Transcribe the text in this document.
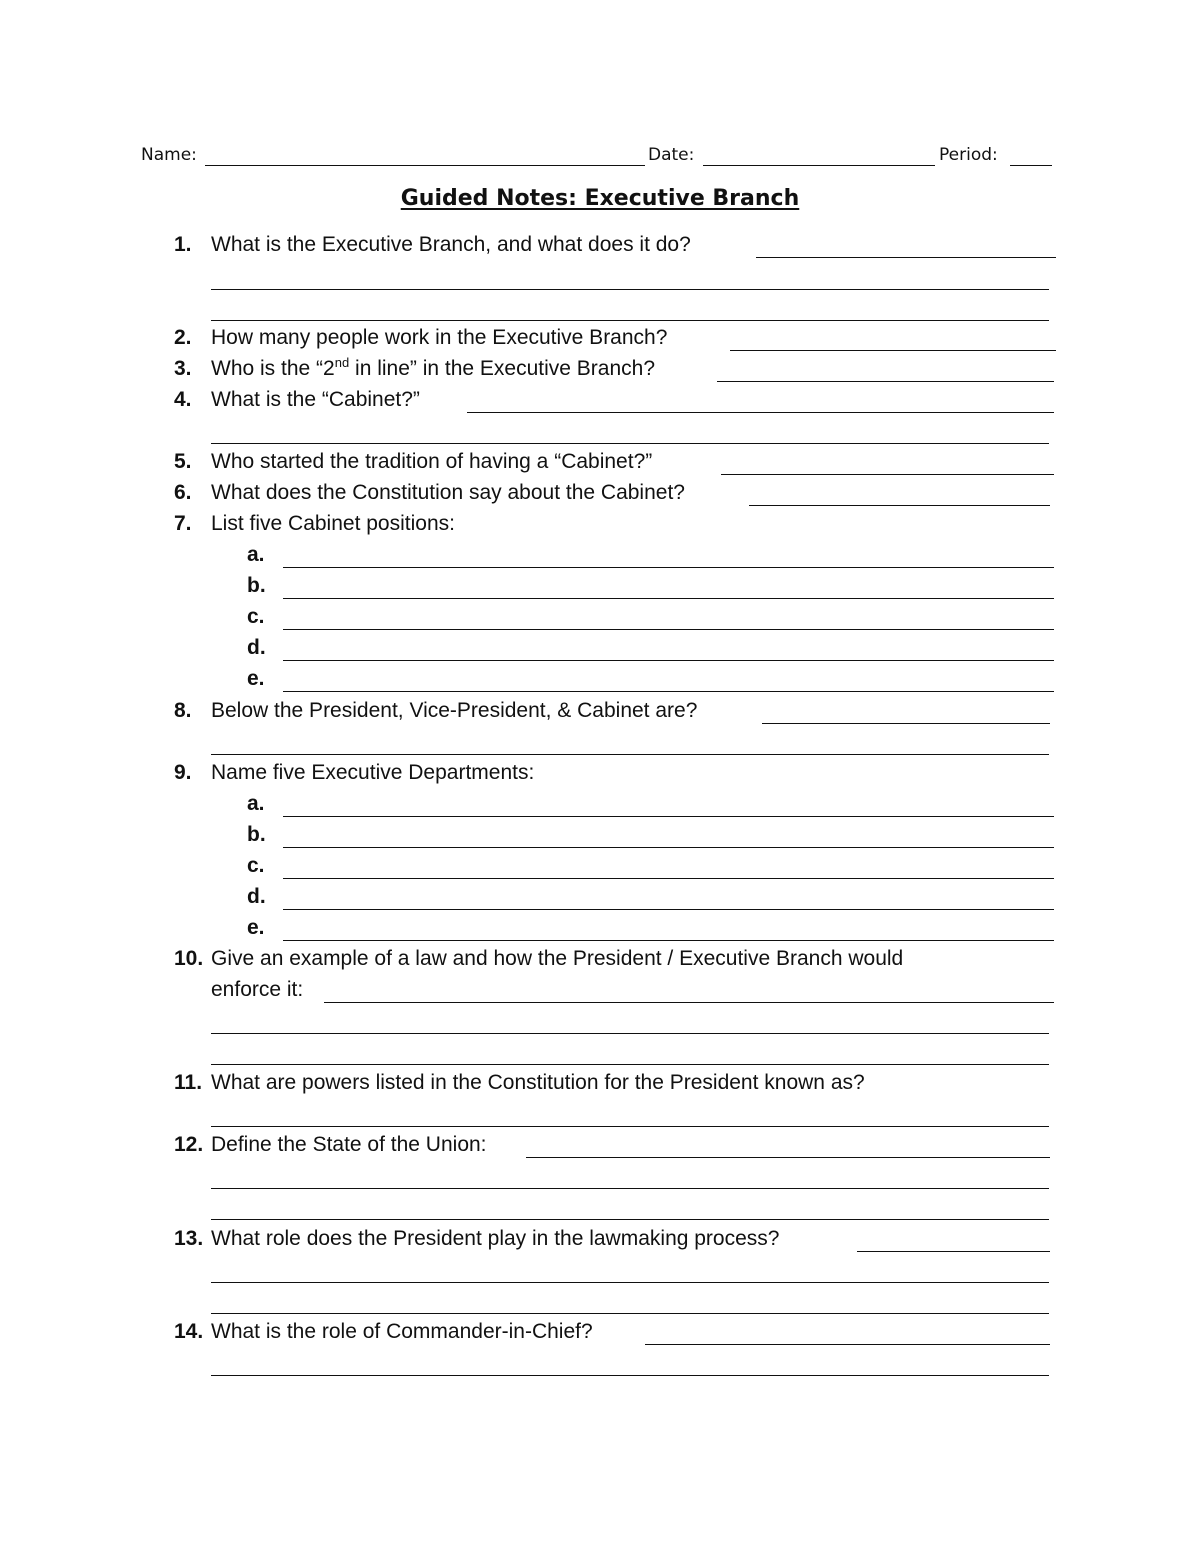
Name:	Date:	Period:
Guided Notes: Executive Branch
1. What is the Executive Branch, and what does it do?
2. How many people work in the Executive Branch?
3. Who is the “2nd in line” in the Executive Branch?
4. What is the “Cabinet?”
5. Who started the tradition of having a “Cabinet?”
6. What does the Constitution say about the Cabinet?
7. List five Cabinet positions:
a.
b.
c.
d.
e.
8. Below the President, Vice-President, & Cabinet are?
9. Name five Executive Departments:
a.
b.
c.
d.
e.
10. Give an example of a law and how the President / Executive Branch would
enforce it:
11. What are powers listed in the Constitution for the President known as?
12. Define the State of the Union:
13. What role does the President play in the lawmaking process?
14. What is the role of Commander-in-Chief?
